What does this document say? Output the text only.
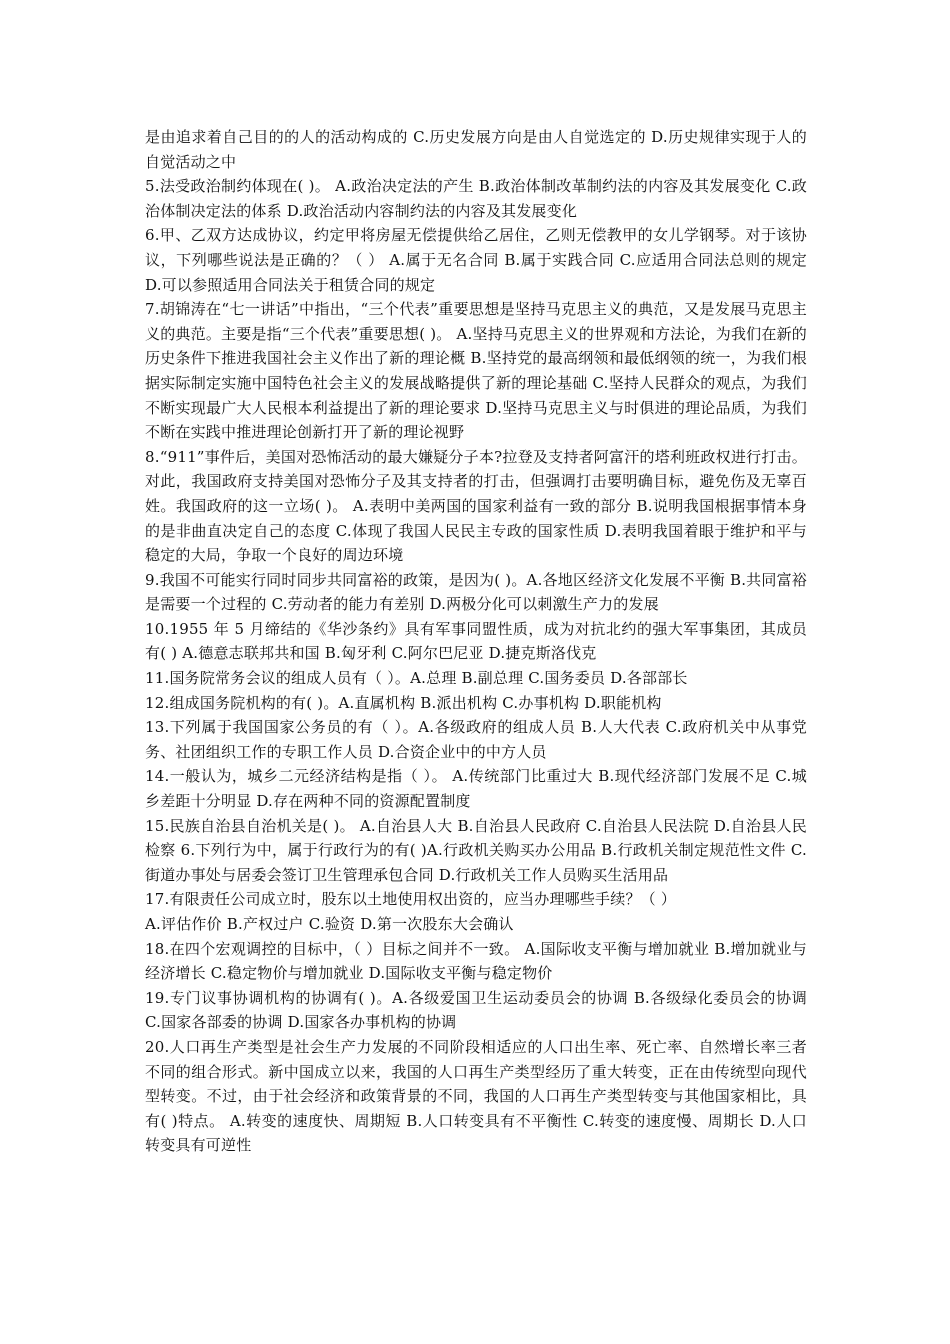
是由追求着自己目的的人的活动构成的 C.历史发展方向是由人自觉选定的 D.历史规律实现于人的自觉活动之中

5.法受政治制约体现在( )。 A.政治决定法的产生 B.政治体制改革制约法的内容及其发展变化 C.政治体制决定法的体系 D.政治活动内容制约法的内容及其发展变化

6.甲、乙双方达成协议，约定甲将房屋无偿提供给乙居住，乙则无偿教甲的女儿学钢琴。对于该协议，下列哪些说法是正确的？（ ） A.属于无名合同 B.属于实践合同 C.应适用合同法总则的规定 D.可以参照适用合同法关于租赁合同的规定

7.胡锦涛在“七一讲话”中指出，“三个代表”重要思想是坚持马克思主义的典范，又是发展马克思主义的典范。主要是指“三个代表”重要思想( )。 A.坚持马克思主义的世界观和方法论，为我们在新的历史条件下推进我国社会主义作出了新的理论概 B.坚持党的最高纲领和最低纲领的统一，为我们根据实际制定实施中国特色社会主义的发展战略提供了新的理论基础 C.坚持人民群众的观点，为我们不断实现最广大人民根本利益提出了新的理论要求 D.坚持马克思主义与时俱进的理论品质，为我们不断在实践中推进理论创新打开了新的理论视野

8.“911”事件后，美国对恐怖活动的最大嫌疑分子本?拉登及支持者阿富汗的塔利班政权进行打击。对此，我国政府支持美国对恐怖分子及其支持者的打击，但强调打击要明确目标，避免伤及无辜百姓。我国政府的这一立场( )。 A.表明中美两国的国家利益有一致的部分 B.说明我国根据事情本身的是非曲直决定自己的态度 C.体现了我国人民民主专政的国家性质 D.表明我国着眼于维护和平与稳定的大局，争取一个良好的周边环境

9.我国不可能实行同时同步共同富裕的政策，是因为( )。A.各地区经济文化发展不平衡 B.共同富裕是需要一个过程的 C.劳动者的能力有差别 D.两极分化可以刺激生产力的发展

10.1955 年 5 月缔结的《华沙条约》具有军事同盟性质，成为对抗北约的强大军事集团，其成员有( ) A.德意志联邦共和国 B.匈牙利 C.阿尔巴尼亚 D.捷克斯洛伐克

11.国务院常务会议的组成人员有（ ）。A.总理 B.副总理 C.国务委员 D.各部部长

12.组成国务院机构的有( )。A.直属机构 B.派出机构 C.办事机构 D.职能机构

13.下列属于我国国家公务员的有（ ）。A.各级政府的组成人员 B.人大代表 C.政府机关中从事党务、社团组织工作的专职工作人员 D.合资企业中的中方人员

14.一般认为，城乡二元经济结构是指（ ）。 A.传统部门比重过大 B.现代经济部门发展不足 C.城乡差距十分明显 D.存在两种不同的资源配置制度

15.民族自治县自治机关是( )。 A.自治县人大 B.自治县人民政府 C.自治县人民法院 D.自治县人民检察 6.下列行为中，属于行政行为的有( )A.行政机关购买办公用品 B.行政机关制定规范性文件 C.街道办事处与居委会签订卫生管理承包合同 D.行政机关工作人员购买生活用品

17.有限责任公司成立时，股东以土地使用权出资的，应当办理哪些手续？（ ）

A.评估作价 B.产权过户 C.验资 D.第一次股东大会确认

18.在四个宏观调控的目标中，（ ）目标之间并不一致。 A.国际收支平衡与增加就业 B.增加就业与经济增长 C.稳定物价与增加就业 D.国际收支平衡与稳定物价

19.专门议事协调机构的协调有( )。A.各级爱国卫生运动委员会的协调 B.各级绿化委员会的协调 C.国家各部委的协调 D.国家各办事机构的协调

20.人口再生产类型是社会生产力发展的不同阶段相适应的人口出生率、死亡率、自然增长率三者不同的组合形式。新中国成立以来，我国的人口再生产类型经历了重大转变，正在由传统型向现代型转变。不过，由于社会经济和政策背景的不同，我国的人口再生产类型转变与其他国家相比，具有( )特点。 A.转变的速度快、周期短 B.人口转变具有不平衡性 C.转变的速度慢、周期长 D.人口转变具有可逆性
